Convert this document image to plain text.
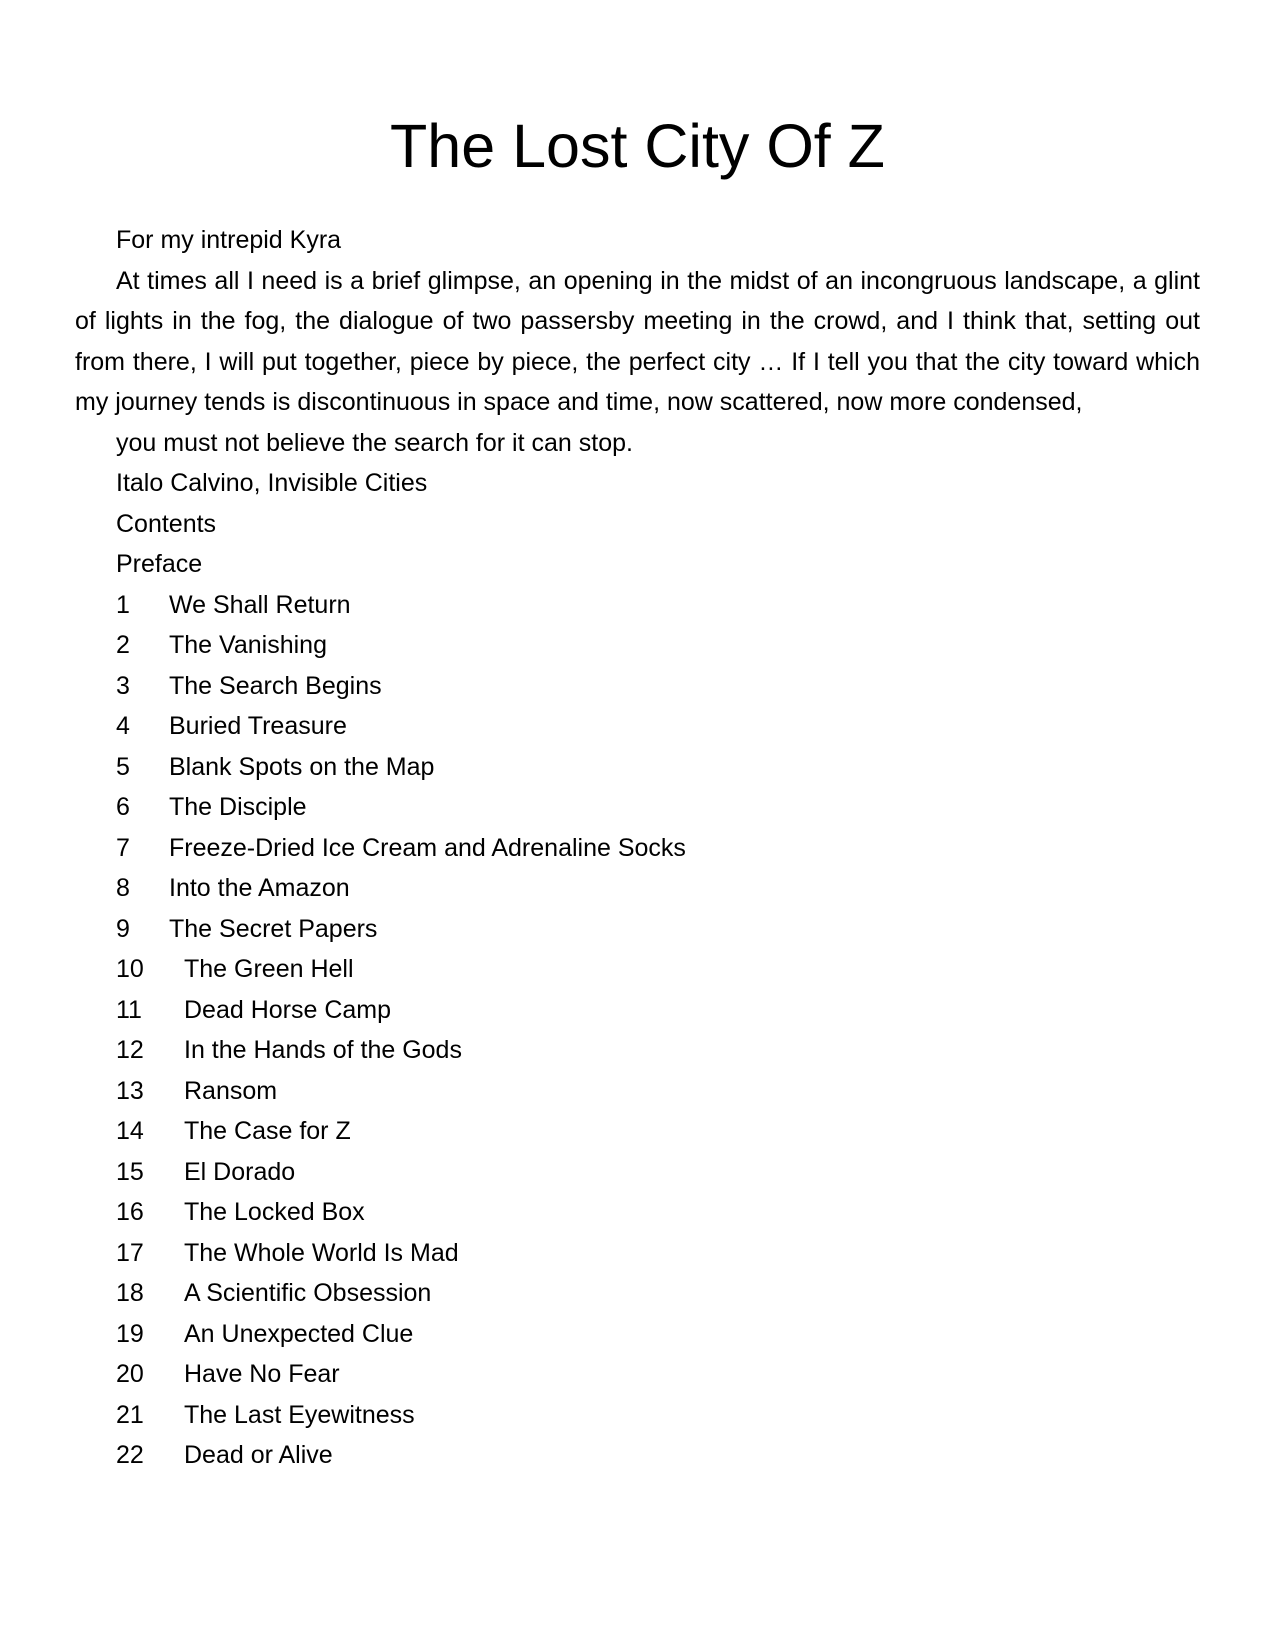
The Lost City Of Z

For my intrepid Kyra

At times all I need is a brief glimpse, an opening in the midst of an incongruous landscape, a glint of lights in the fog, the dialogue of two passersby meeting in the crowd, and I think that, setting out from there, I will put together, piece by piece, the perfect city … If I tell you that the city toward which my journey tends is discontinuous in space and time, now scattered, now more condensed,

you must not believe the search for it can stop.

Italo Calvino, Invisible Cities

Contents

Preface

1 We Shall Return
2 The Vanishing
3 The Search Begins
4 Buried Treasure
5 Blank Spots on the Map
6 The Disciple
7 Freeze-Dried Ice Cream and Adrenaline Socks
8 Into the Amazon
9 The Secret Papers
10 The Green Hell
11 Dead Horse Camp
12 In the Hands of the Gods
13 Ransom
14 The Case for Z
15 El Dorado
16 The Locked Box
17 The Whole World Is Mad
18 A Scientific Obsession
19 An Unexpected Clue
20 Have No Fear
21 The Last Eyewitness
22 Dead or Alive
